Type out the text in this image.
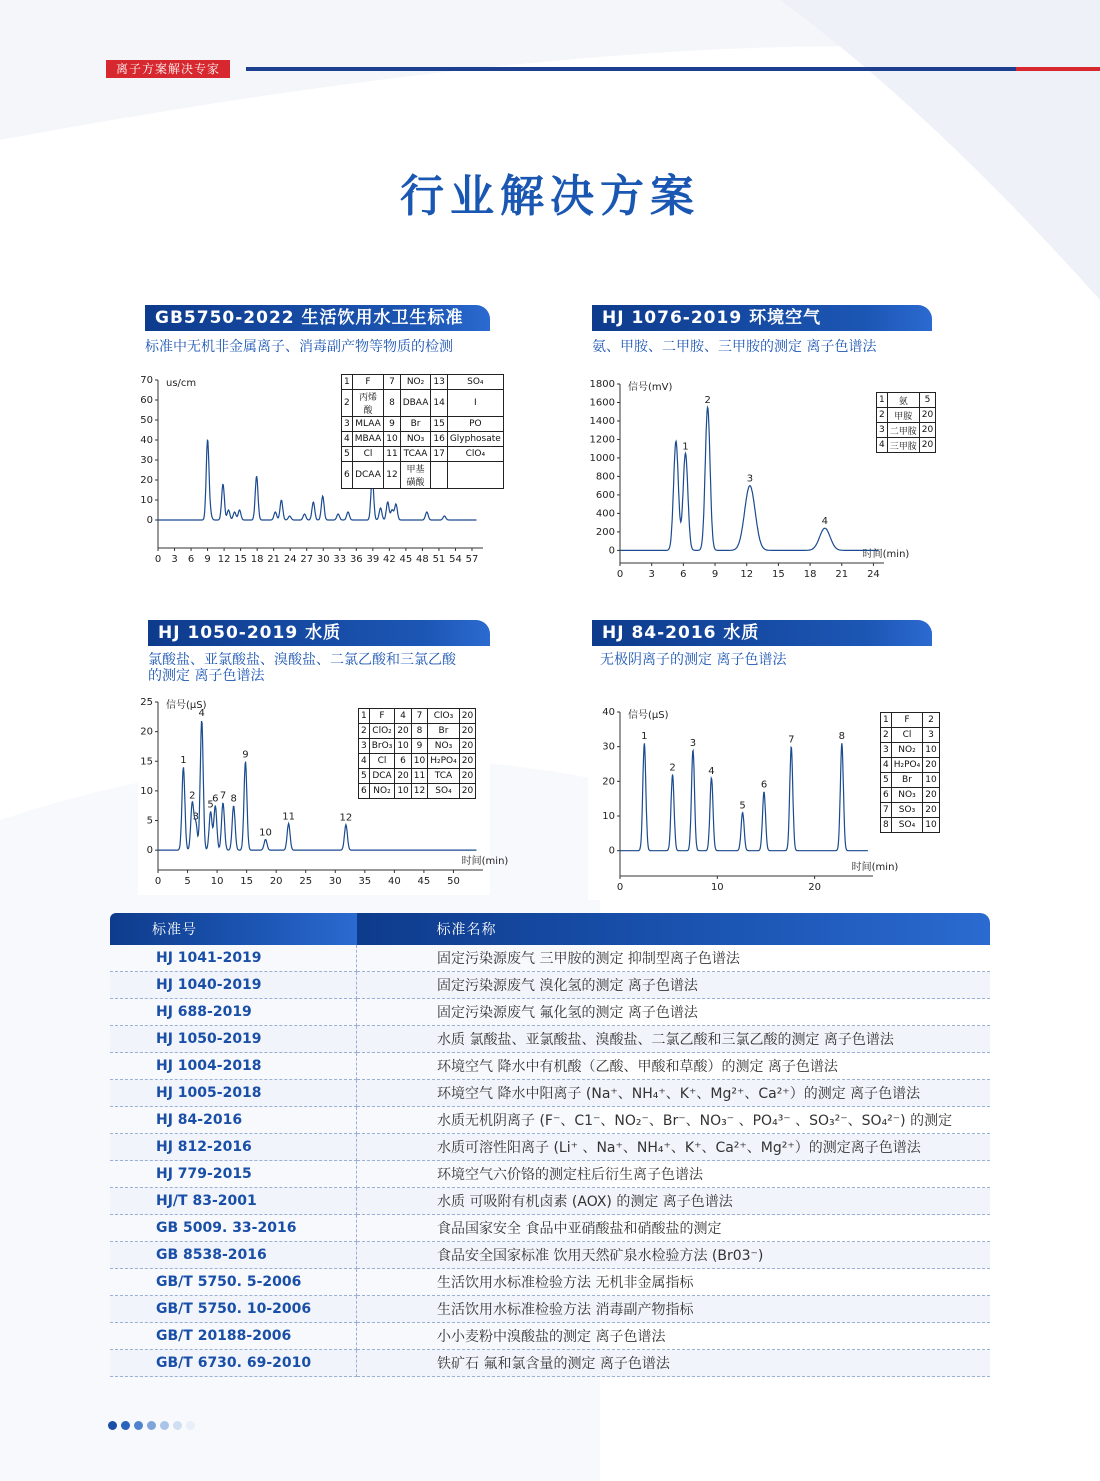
离子方案解决专家
行业解决方案
GB5750-2022 生活饮用水卫生标准
标准中无机非金属离子、消毒副产物等物质的检测
HJ 1076-2019 环境空气
氨、甲胺、二甲胺、三甲胺的测定 离子色谱法
HJ 1050-2019 水质
氯酸盐、亚氯酸盐、溴酸盐、二氯乙酸和三氯乙酸
的测定 离子色谱法
HJ 84-2016 水质
无极阴离子的测定 离子色谱法
0 3 6 9 12 15 18 21 24 27 30 33 36 39 42 45 48 51 54 57
0
10
20
30
40
50
60
70 us/cm	1	F	7	NO₂	13	SO₄
2	丙烯酸	8	DBAA	14	I
3	MLAA	9	Br	15	PO
4	MBAA	10	NO₃	16	Glyphosate
5	Cl	11	TCAA	17	ClO₄
6	DCAA	12	甲基磺酸		
0	3	6	9 12 15 18 21 24
0
200
400
600
800
1000
1200
1400
1600
1800 信号(mV)
时间(min)
1
2
3
4
1	氨	5
2	甲胺	20
3	二甲胺	20
4	三甲胺	20
0 5 10 15 20 25 30 35 40 45 50
0
5
10
15
20
25 信号(μS)
时间(min)
1
2
3
4
5
6 7 8
9
10
11	12
1	F	4	7	ClO₃	20
2	ClO₂	20	8	Br	20
3	BrO₃	10	9	NO₃	20
4	Cl	6	10	H₂PO₄	20
5	DCA	20	11	TCA	20
6	NO₂	10	12	SO₄	20
0	10	20
0
10
20
30
40 信号(μS)
时间(min)
1
2
3
4
5
6
7	8
1	F	2
2	Cl	3
3	NO₂	10
4	H₂PO₄	20
5	Br	10
6	NO₃	20
7	SO₃	20
8	SO₄	10
标准号	标准名称
HJ 1041-2019	固定污染源废气 三甲胺的测定 抑制型离子色谱法
HJ 1040-2019	固定污染源废气 溴化氢的测定 离子色谱法
HJ 688-2019	固定污染源废气 氟化氢的测定 离子色谱法
HJ 1050-2019	水质 氯酸盐、亚氯酸盐、溴酸盐、二氯乙酸和三氯乙酸的测定 离子色谱法
HJ 1004-2018	环境空气 降水中有机酸（乙酸、甲酸和草酸）的测定 离子色谱法
HJ 1005-2018	环境空气 降水中阳离子 (Na⁺、NH₄⁺、K⁺、Mg²⁺、Ca²⁺）的测定 离子色谱法
HJ 84-2016	水质无机阴离子 (F⁻、C1⁻、NO₂⁻、Br⁻、NO₃⁻ 、PO₄³⁻ 、SO₃²⁻、SO₄²⁻) 的测定
HJ 812-2016	水质可溶性阳离子 (Li⁺ 、Na⁺、NH₄⁺、K⁺、Ca²⁺、Mg²⁺）的测定离子色谱法
HJ 779-2015	环境空气六价铬的测定柱后衍生离子色谱法
HJ/T 83-2001	水质 可吸附有机卤素 (AOX) 的测定 离子色谱法
GB 5009. 33-2016	食品国家安全 食品中亚硝酸盐和硝酸盐的测定
GB 8538-2016	食品安全国家标准 饮用天然矿泉水检验方法 (Br03⁻)
GB/T 5750. 5-2006	生活饮用水标准检验方法 无机非金属指标
GB/T 5750. 10-2006	生活饮用水标准检验方法 消毒副产物指标
GB/T 20188-2006	小小麦粉中溴酸盐的测定 离子色谱法
GB/T 6730. 69-2010	铁矿石 氟和氯含量的测定 离子色谱法
